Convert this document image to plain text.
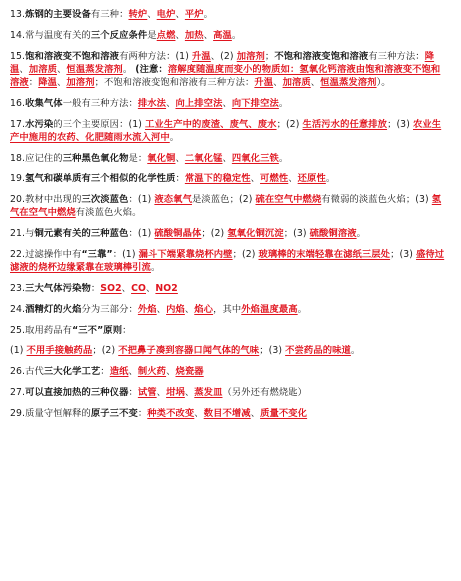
13.炼钢的主要设备有三种：转炉、电炉、平炉。
14.常与温度有关的三个反应条件是点燃、加热、高温。
15.饱和溶液变不饱和溶液有两种方法：(1) 升温、(2) 加溶剂；不饱和溶液变饱和溶液有三种方法：降温、加溶质、恒温蒸发溶剂。 (注意：溶解度随温度而变小的物质如：氢氧化钙溶液由饱和溶液变不饱和溶液：降温、加溶剂；不饱和溶液变饱和溶液有三种方法：升温、加溶质、恒温蒸发溶剂）。
16.收集气体一般有三种方法：排水法、向上排空法、向下排空法。
17.水污染的三个主要原因：(1) 工业生产中的废渣、废气、废水；(2) 生活污水的任意排放；(3) 农业生产中施用的农药、化肥随雨水流入河中。
18.应记住的三种黑色氧化物是：氧化铜、二氧化锰、四氧化三铁。
19.氢气和碳单质有三个相似的化学性质：常温下的稳定性、可燃性、还原性。
20.教材中出现的三次淡蓝色：(1) 液态氧气是淡蓝色；(2) 硫在空气中燃烧有微弱的淡蓝色火焰；(3) 氢气在空气中燃烧有淡蓝色火焰。
21.与铜元素有关的三种蓝色：(1) 硫酸铜晶体；(2) 氢氧化铜沉淀；(3) 硫酸铜溶液。
22.过滤操作中有“三靠”：(1) 漏斗下端紧靠烧杯内壁；(2) 玻璃棒的末端轻靠在滤纸三层处；(3) 盛待过滤液的烧杯边缘紧靠在玻璃棒引流。
23.三大气体污染物：SO2、CO、NO2
24.酒精灯的火焰分为三部分：外焰、内焰、焰心，其中外焰温度最高。
25.取用药品有“三不”原则：
(1) 不用手接触药品；(2) 不把鼻子凑到容器口闻气体的气味；(3) 不尝药品的味道。
26.古代三大化学工艺：造纸、制火药、烧瓷器
27.可以直接加热的三种仪器：试管、坩埚、蒸发皿（另外还有燃烧匙）
29.质量守恒解释的原子三不变：种类不改变、数目不增减、质量不变化
